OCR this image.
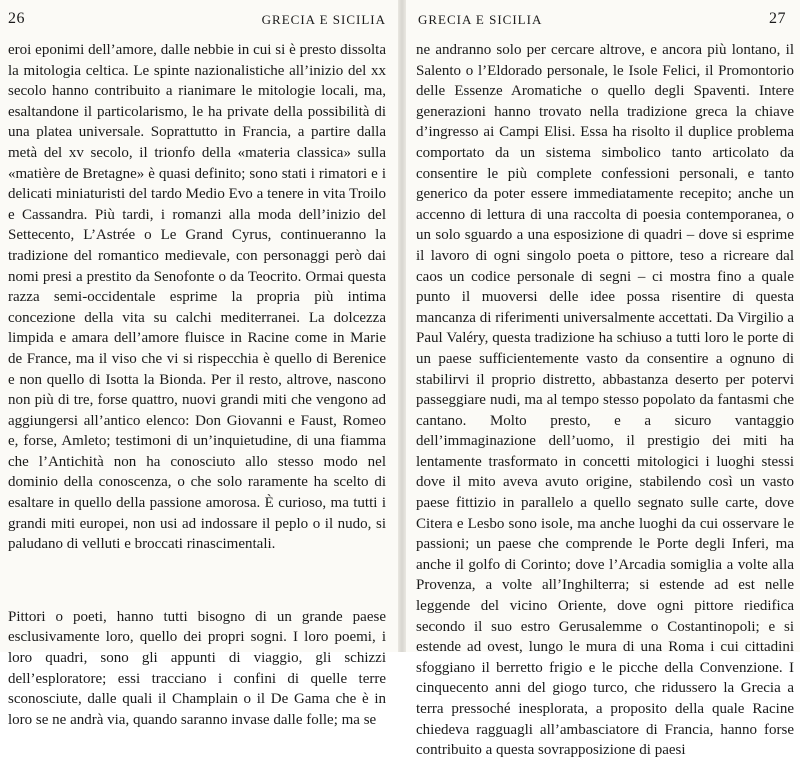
26	GRECIA E SICILIA

eroi eponimi dell’amore, dalle nebbie in cui si è presto dissolta la mitologia celtica. Le spinte nazionalistiche all’inizio del xx secolo hanno contribuito a rianimare le mitologie locali, ma, esaltandone il particolarismo, le ha private della possibilità di una platea universale. Soprattutto in Francia, a partire dalla metà del xv secolo, il trionfo della «materia classica» sulla «matière de Bretagne» è quasi definito; sono stati i rimatori e i delicati miniaturisti del tardo Medio Evo a tenere in vita Troilo e Cassandra. Più tardi, i romanzi alla moda dell’inizio del Settecento, L’Astrée o Le Grand Cyrus, continueranno la tradizione del romantico medievale, con personaggi però dai nomi presi a prestito da Senofonte o da Teocrito. Ormai questa razza semi-occidentale esprime la propria più intima concezione della vita su calchi mediterranei. La dolcezza limpida e amara dell’amore fluisce in Racine come in Marie de France, ma il viso che vi si rispecchia è quello di Berenice e non quello di Isotta la Bionda. Per il resto, altrove, nascono non più di tre, forse quattro, nuovi grandi miti che vengono ad aggiungersi all’antico elenco: Don Giovanni e Faust, Romeo e, forse, Amleto; testimoni di un’inquietudine, di una fiamma che l’Antichità non ha conosciuto allo stesso modo nel dominio della conoscenza, o che solo raramente ha scelto di esaltare in quello della passione amorosa. È curioso, ma tutti i grandi miti europei, non usi ad indossare il peplo o il nudo, si paludano di velluti e broccati rinascimentali.

Pittori o poeti, hanno tutti bisogno di un grande paese esclusivamente loro, quello dei propri sogni. I loro poemi, i loro quadri, sono gli appunti di viaggio, gli schizzi dell’esploratore; essi tracciano i confini di quelle terre sconosciute, dalle quali il Champlain o il De Gama che è in loro se ne andrà via, quando saranno invase dalle folle; ma se

GRECIA E SICILIA	27

ne andranno solo per cercare altrove, e ancora più lontano, il Salento o l’Eldorado personale, le Isole Felici, il Promontorio delle Essenze Aromatiche o quello degli Spaventi. Intere generazioni hanno trovato nella tradizione greca la chiave d’ingresso ai Campi Elisi. Essa ha risolto il duplice problema comportato da un sistema simbolico tanto articolato da consentire le più complete confessioni personali, e tanto generico da poter essere immediatamente recepito; anche un accenno di lettura di una raccolta di poesia contemporanea, o un solo sguardo a una esposizione di quadri – dove si esprime il lavoro di ogni singolo poeta o pittore, teso a ricreare dal caos un codice personale di segni – ci mostra fino a quale punto il muoversi delle idee possa risentire di questa mancanza di riferimenti universalmente accettati. Da Virgilio a Paul Valéry, questa tradizione ha schiuso a tutti loro le porte di un paese sufficientemente vasto da consentire a ognuno di stabilirvi il proprio distretto, abbastanza deserto per potervi passeggiare nudi, ma al tempo stesso popolato da fantasmi che cantano. Molto presto, e a sicuro vantaggio dell’immaginazione dell’uomo, il prestigio dei miti ha lentamente trasformato in concetti mitologici i luoghi stessi dove il mito aveva avuto origine, stabilendo così un vasto paese fittizio in parallelo a quello segnato sulle carte, dove Citera e Lesbo sono isole, ma anche luoghi da cui osservare le passioni; un paese che comprende le Porte degli Inferi, ma anche il golfo di Corinto; dove l’Arcadia somiglia a volte alla Provenza, a volte all’Inghilterra; si estende ad est nelle leggende del vicino Oriente, dove ogni pittore riedifica secondo il suo estro Gerusalemme o Costantinopoli; e si estende ad ovest, lungo le mura di una Roma i cui cittadini sfoggiano il berretto frigio e le picche della Convenzione. I cinquecento anni del giogo turco, che ridussero la Grecia a terra pressoché inesplorata, a proposito della quale Racine chiedeva ragguagli all’ambasciatore di Francia, hanno forse contribuito a questa sovrapposizione di paesi
